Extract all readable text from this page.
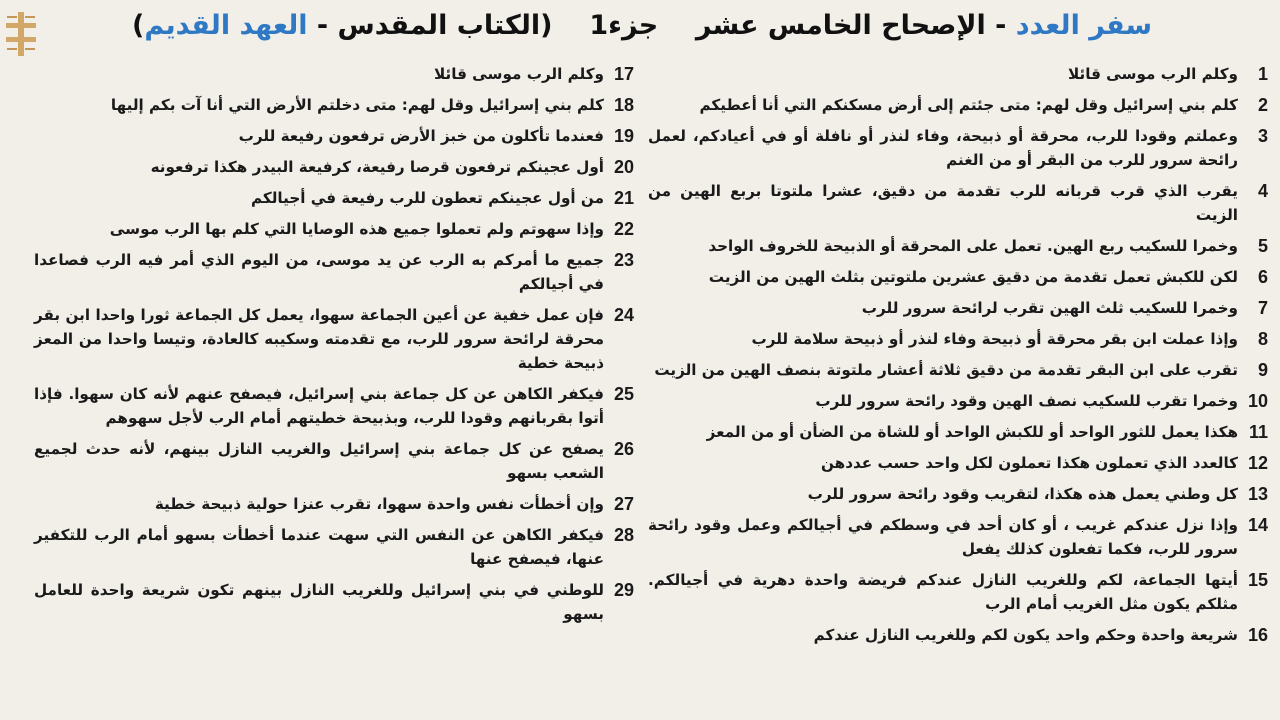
سفر العدد - الإصحاح الخامس عشر    جزء1
(الكتاب المقدس - العهد القديم)
1
وكلم الرب موسى قائلا
2
كلم بني إسرائيل وقل لهم: متى جئتم إلى أرض مسكنكم التي أنا أعطيكم
3
وعملتم وقودا للرب، محرقة أو ذبيحة، وفاء لنذر أو نافلة أو في أعيادكم، لعمل رائحة سرور للرب من البقر أو من الغنم
4
يقرب الذي قرب قربانه للرب تقدمة من دقيق، عشرا ملتوتا بربع الهين من الزيت
5
وخمرا للسكيب ربع الهين. تعمل على المحرقة أو الذبيحة للخروف الواحد
6
لكن للكبش تعمل تقدمة من دقيق عشرين ملتوتين بثلث الهين من الزيت
7
وخمرا للسكيب ثلث الهين تقرب لرائحة سرور للرب
8
وإذا عملت ابن بقر محرقة أو ذبيحة وفاء لنذر أو ذبيحة سلامة للرب
9
تقرب على ابن البقر تقدمة من دقيق ثلاثة أعشار ملتوتة بنصف الهين من الزيت
10
وخمرا تقرب للسكيب نصف الهين وقود رائحة سرور للرب
11
هكذا يعمل للثور الواحد أو للكبش الواحد أو للشاة من الضأن أو من المعز
12
كالعدد الذي تعملون هكذا تعملون لكل واحد حسب عددهن
13
كل وطني يعمل هذه هكذا، لتقريب وقود رائحة سرور للرب
14
وإذا نزل عندكم غريب ، أو كان أحد في وسطكم في أجيالكم وعمل وقود رائحة سرور للرب، فكما تفعلون كذلك يفعل
15
أيتها الجماعة، لكم وللغريب النازل عندكم فريضة واحدة دهرية في أجيالكم. مثلكم يكون مثل الغريب أمام الرب
16
شريعة واحدة وحكم واحد يكون لكم وللغريب النازل عندكم
17
وكلم الرب موسى قائلا
18
كلم بني إسرائيل وقل لهم: متى دخلتم الأرض التي أنا آت بكم إليها
19
فعندما تأكلون من خبز الأرض ترفعون رفيعة للرب
20
أول عجينكم ترفعون قرصا رفيعة، كرفيعة البيدر هكذا ترفعونه
21
من أول عجينكم تعطون للرب رفيعة في أجيالكم
22
وإذا سهوتم ولم تعملوا جميع هذه الوصايا التي كلم بها الرب موسى
23
جميع ما أمركم به الرب عن يد موسى، من اليوم الذي أمر فيه الرب فصاعدا في أجيالكم
24
فإن عمل خفية عن أعين الجماعة سهوا، يعمل كل الجماعة ثورا واحدا ابن بقر محرقة لرائحة سرور للرب، مع تقدمته وسكيبه كالعادة، وتيسا واحدا من المعز ذبيحة خطية
25
فيكفر الكاهن عن كل جماعة بني إسرائيل، فيصفح عنهم لأنه كان سهوا. فإذا أتوا بقربانهم وقودا للرب، وبذبيحة خطيتهم أمام الرب لأجل سهوهم
26
يصفح عن كل جماعة بني إسرائيل والغريب النازل بينهم، لأنه حدث لجميع الشعب بسهو
27
وإن أخطأت نفس واحدة سهوا، تقرب عنزا حولية ذبيحة خطية
28
فيكفر الكاهن عن النفس التي سهت عندما أخطأت بسهو أمام الرب للتكفير عنها، فيصفح عنها
29
للوطني في بني إسرائيل وللغريب النازل بينهم تكون شريعة واحدة للعامل بسهو
